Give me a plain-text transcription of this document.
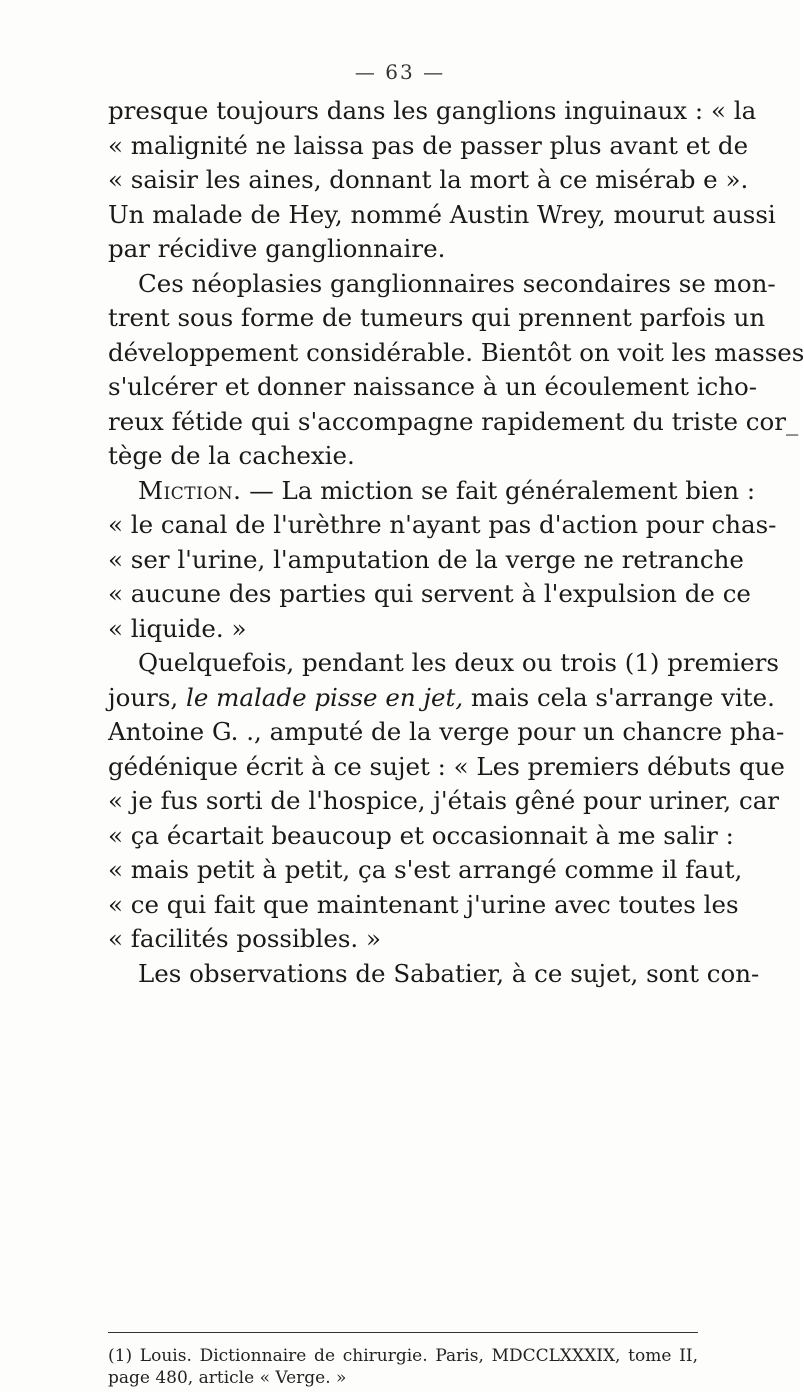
— 63 —
presque toujours dans les ganglions inguinaux : « la
« malignité ne laissa pas de passer plus avant et de
« saisir les aines, donnant la mort à ce misérab e ».
Un malade de Hey, nommé Austin Wrey, mourut aussi
par récidive ganglionnaire.
Ces néoplasies ganglionnaires secondaires se mon-
trent sous forme de tumeurs qui prennent parfois un
développement considérable. Bientôt on voit les masses
s'ulcérer et donner naissance à un écoulement icho-
reux fétide qui s'accompagne rapidement du triste cor_
tège de la cachexie.
Miction. — La miction se fait généralement bien :
« le canal de l'urèthre n'ayant pas d'action pour chas-
« ser l'urine, l'amputation de la verge ne retranche
« aucune des parties qui servent à l'expulsion de ce
« liquide. »
Quelquefois, pendant les deux ou trois (1) premiers
jours, le malade pisse en jet, mais cela s'arrange vite.
Antoine G. ., amputé de la verge pour un chancre pha-
gédénique écrit à ce sujet : « Les premiers débuts que
« je fus sorti de l'hospice, j'étais gêné pour uriner, car
« ça écartait beaucoup et occasionnait à me salir :
« mais petit à petit, ça s'est arrangé comme il faut,
« ce qui fait que maintenant j'urine avec toutes les
« facilités possibles. »
Les observations de Sabatier, à ce sujet, sont con-
(1) Louis. Dictionnaire de chirurgie. Paris, MDCCLXXXIX, tome II,
page 480, article « Verge. »
